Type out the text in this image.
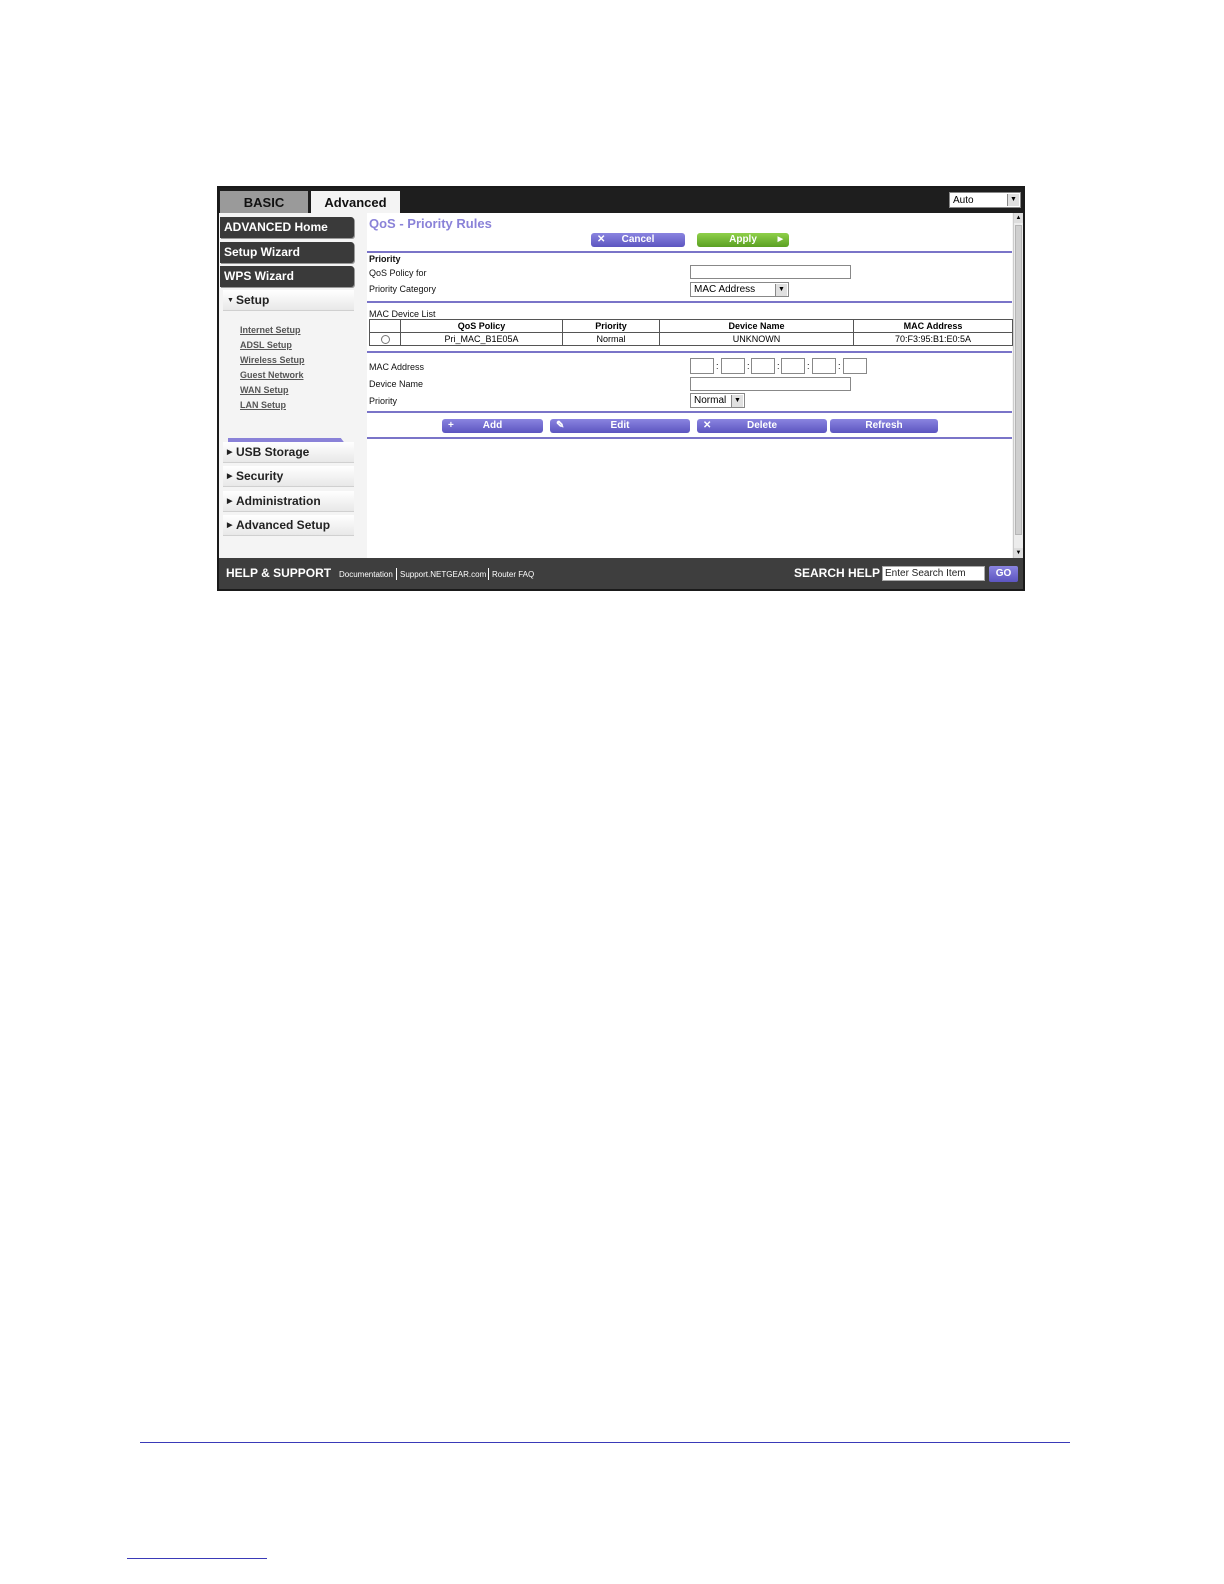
BASIC	Advanced	Auto	▼
ADVANCED Home
Setup Wizard
WPS Wizard
▼ Setup
Internet Setup
ADSL Setup
Wireless Setup
Guest Network
WAN Setup
LAN Setup
▶ USB Storage
▶ Security
▶ Administration
▶ Advanced Setup
QoS - Priority Rules
✕ Cancel	Apply	▶
Priority
QoS Policy for
Priority Category	MAC Address	▼
MAC Device List
	QoS Policy	Priority	Device Name	MAC Address
	Pri_MAC_B1E05A	Normal	UNKNOWN	70:F3:95:B1:E0:5A
MAC Address	:	:	:	:	:
Device Name
Priority	Normal	▼
+	Add	✎	Edit	✕	Delete	Refresh
▲
▼
HELP & SUPPORT Documentation Support.NETGEAR.com Router FAQ	SEARCH HELP Enter Search Item	GO
